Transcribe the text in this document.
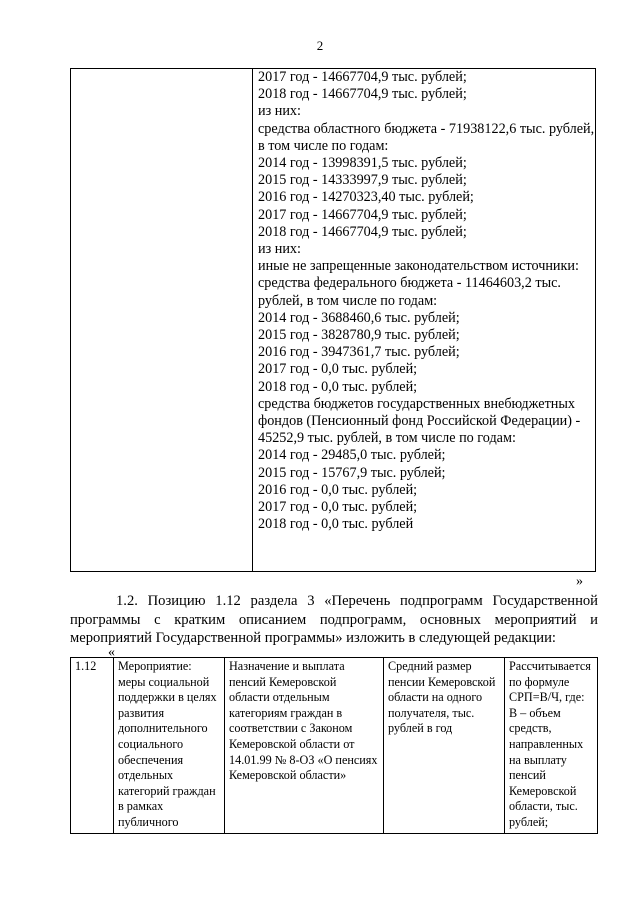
2

2017 год - 14667704,9 тыс. рублей;
2018 год - 14667704,9 тыс. рублей;
из них:
средства областного бюджета - 71938122,6 тыс. рублей, в том числе по годам:
2014 год - 13998391,5 тыс. рублей;
2015 год - 14333997,9 тыс. рублей;
2016 год - 14270323,40 тыс. рублей;
2017 год - 14667704,9 тыс. рублей;
2018 год - 14667704,9 тыс. рублей;
из них:
иные не запрещенные законодательством источники:
средства федерального бюджета - 11464603,2 тыс. рублей, в том числе по годам:
2014 год - 3688460,6 тыс. рублей;
2015 год - 3828780,9 тыс. рублей;
2016 год - 3947361,7 тыс. рублей;
2017 год - 0,0 тыс. рублей;
2018 год - 0,0 тыс. рублей;
средства бюджетов государственных внебюджетных фондов (Пенсионный фонд Российской Федерации) - 45252,9 тыс. рублей, в том числе по годам:
2014 год - 29485,0 тыс. рублей;
2015 год - 15767,9 тыс. рублей;
2016 год - 0,0 тыс. рублей;
2017 год - 0,0 тыс. рублей;
2018 год - 0,0 тыс. рублей
»
1.2. Позицию 1.12 раздела 3 «Перечень подпрограмм Государственной программы с кратким описанием подпрограмм, основных мероприятий и мероприятий Государственной программы» изложить в следующей редакции:
«
1.12	Мероприятие: меры социальной поддержки в целях развития дополнительного социального обеспечения отдельных категорий граждан в рамках публичного	Назначение и выплата пенсий Кемеровской области отдельным категориям граждан в соответствии с Законом Кемеровской области от 14.01.99 № 8-ОЗ «О пенсиях Кемеровской области»	Средний размер пенсии Кемеровской области на одного получателя, тыс. рублей в год	Рассчитывается по формуле СРП=В/Ч, где: В – объем средств, направленных на выплату пенсий Кемеровской области, тыс. рублей;
